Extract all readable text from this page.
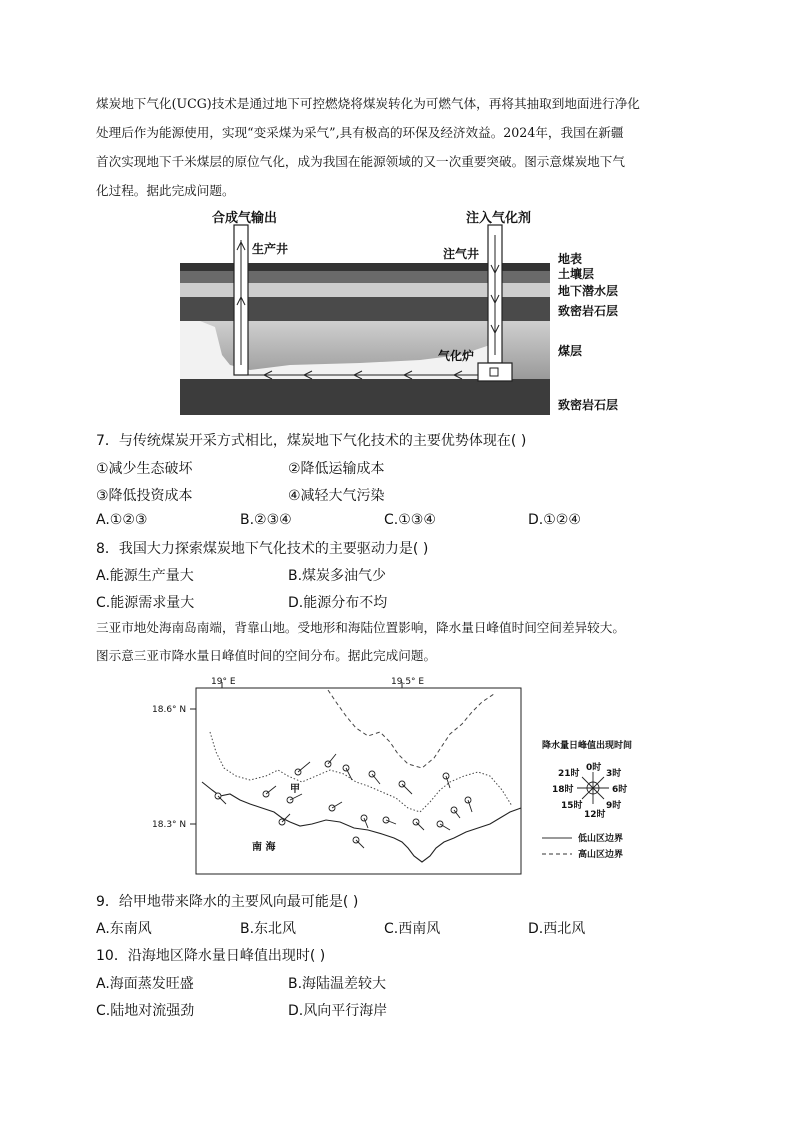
煤炭地下气化(UCG)技术是通过地下可控燃烧将煤炭转化为可燃气体，再将其抽取到地面进行净化
处理后作为能源使用，实现“变采煤为采气”,具有极高的环保及经济效益。2024年，我国在新疆
首次实现地下千米煤层的原位气化，成为我国在能源领域的又一次重要突破。图示意煤炭地下气
化过程。据此完成问题。
合成气输出	注入气化剂
生产井	注气井
气化炉
地表
土壤层
地下潜水层
致密岩石层
煤层
致密岩石层
7．与传统煤炭开采方式相比，煤炭地下气化技术的主要优势体现在( )
①减少生态破坏	②降低运输成本
③降低投资成本	④减轻大气污染
A.①②③	B.②③④	C.①③④	D.①②④
8．我国大力探索煤炭地下气化技术的主要驱动力是( )
A.能源生产量大	B.煤炭多油气少
C.能源需求量大	D.能源分布不均
三亚市地处海南岛南端，背靠山地。受地形和海陆位置影响，降水量日峰值时间空间差异较大。
图示意三亚市降水量日峰值时间的空间分布。据此完成问题。
19° E	19.5° E
18.6° N
18.3° N
甲
南 海
降水量日峰值出现时间
0时
3时
6时
9时
12时
15时
18时
21时
低山区边界
高山区边界
9．给甲地带来降水的主要风向最可能是( )
A.东南风	B.东北风	C.西南风	D.西北风
10．沿海地区降水量日峰值出现时( )
A.海面蒸发旺盛	B.海陆温差较大
C.陆地对流强劲	D.风向平行海岸
